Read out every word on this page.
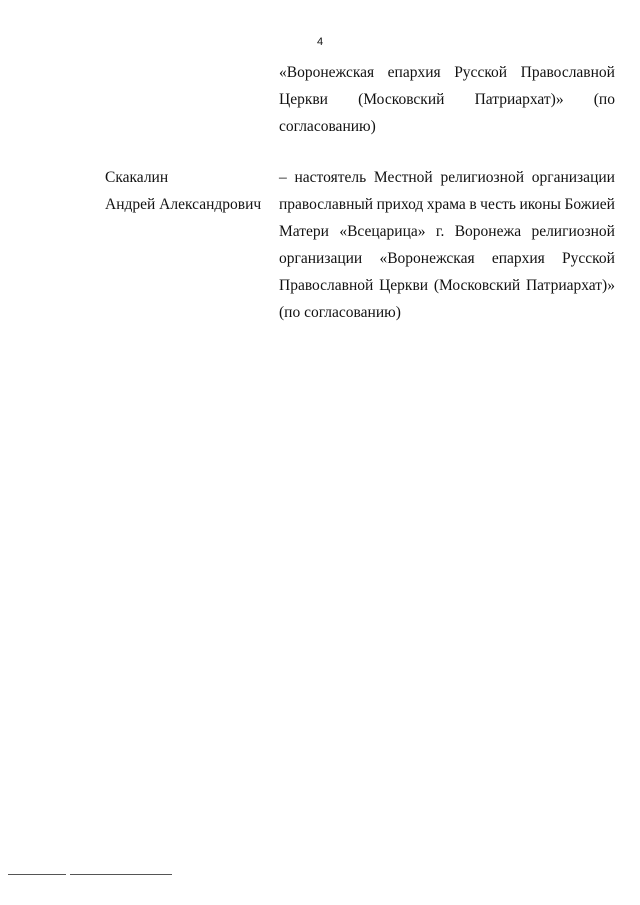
4
«Воронежская епархия Русской Православной
Церкви (Московский Патриархат)» (по
согласованию)
Скакалин
Андрей Александрович
– настоятель Местной религиозной организации
православный приход храма в честь иконы Божией
Матери «Всецарица» г. Воронежа религиозной
организации «Воронежская епархия Русской
Православной Церкви (Московский Патриархат)»
(по согласованию)
